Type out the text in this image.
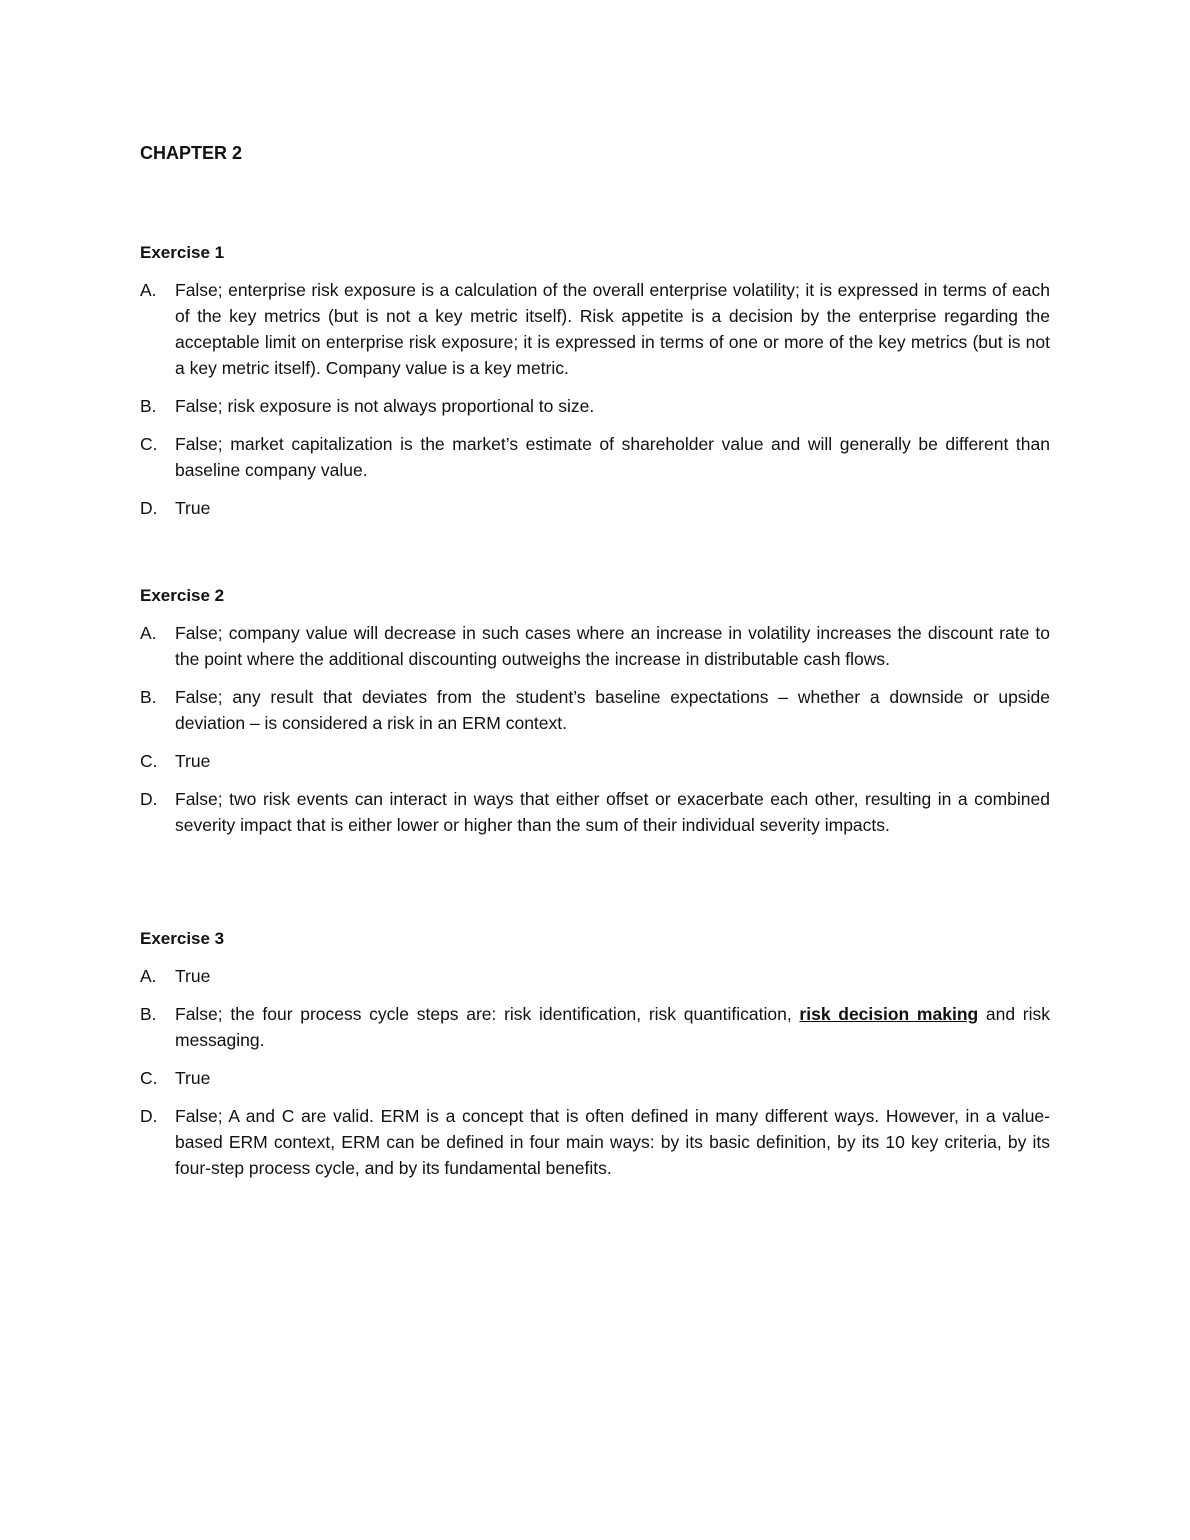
CHAPTER 2
Exercise 1
A.	False; enterprise risk exposure is a calculation of the overall enterprise volatility; it is expressed in terms of each of the key metrics (but is not a key metric itself). Risk appetite is a decision by the enterprise regarding the acceptable limit on enterprise risk exposure; it is expressed in terms of one or more of the key metrics (but is not a key metric itself). Company value is a key metric.
B.	False; risk exposure is not always proportional to size.
C.	False; market capitalization is the market’s estimate of shareholder value and will generally be different than baseline company value.
D.	True
Exercise 2
A.	False; company value will decrease in such cases where an increase in volatility increases the discount rate to the point where the additional discounting outweighs the increase in distributable cash flows.
B.	False; any result that deviates from the student’s baseline expectations – whether a downside or upside deviation – is considered a risk in an ERM context.
C.	True
D.	False; two risk events can interact in ways that either offset or exacerbate each other, resulting in a combined severity impact that is either lower or higher than the sum of their individual severity impacts.
Exercise 3
A.	True
B.	False; the four process cycle steps are: risk identification, risk quantification, risk decision making and risk messaging.
C.	True
D.	False; A and C are valid. ERM is a concept that is often defined in many different ways. However, in a value-based ERM context, ERM can be defined in four main ways: by its basic definition, by its 10 key criteria, by its four-step process cycle, and by its fundamental benefits.
